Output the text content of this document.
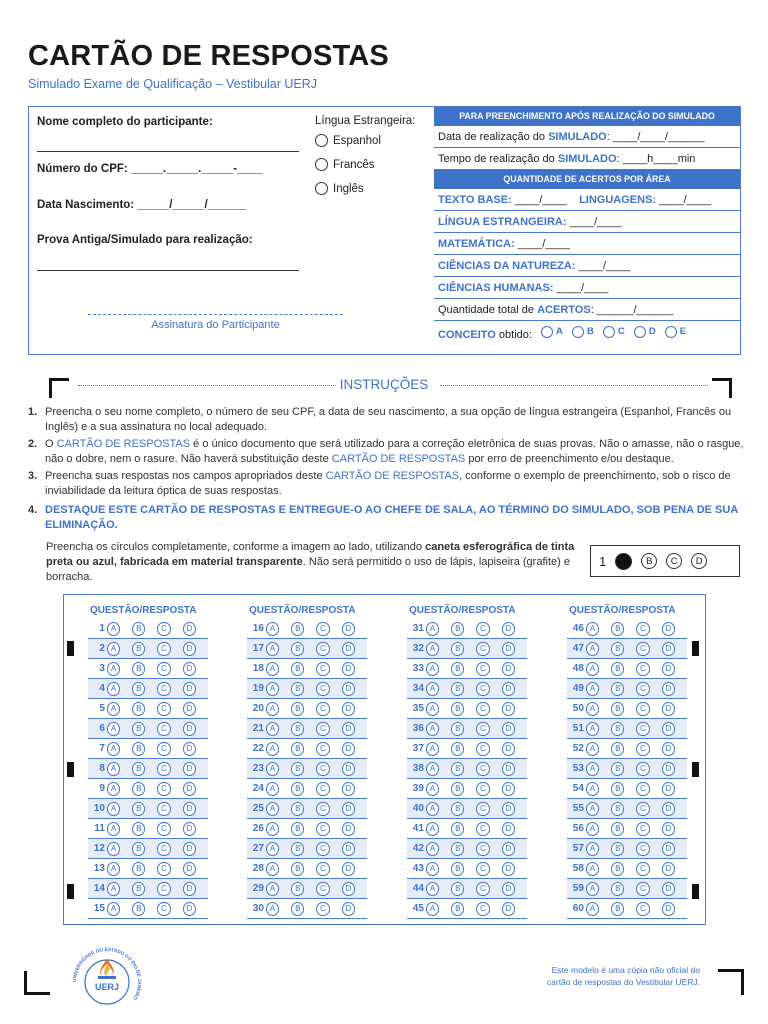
CARTÃO DE RESPOSTAS
Simulado Exame de Qualificação – Vestibular UERJ
Nome completo do participante:
Número do CPF: _____._____._____-____
Data Nascimento: _____/_____/______
Prova Antiga/Simulado para realização:
Assinatura do Participante
Língua Estrangeira:
Espanhol
Francês
Inglês
PARA PREENCHIMENTO APÓS REALIZAÇÃO DO SIMULADO
Data de realização do SIMULADO: ____/____/______
Tempo de realização do SIMULADO: ____h____min
QUANTIDADE DE ACERTOS POR ÁREA
TEXTO BASE: ____/____ LINGUAGENS: ____/____
LÍNGUA ESTRANGEIRA: ____/____
MATEMÁTICA: ____/____
CIÊNCIAS DA NATUREZA: ____/____
CIÊNCIAS HUMANAS: ____/____
Quantidade total de ACERTOS: ______/______
CONCEITO obtido:	A
	B
	C
	D
	E
INSTRUÇÕES
1. Preencha o seu nome completo, o número de seu CPF, a data de seu nascimento, a sua opção de língua estrangeira (Espanhol, Francês ou Inglês) e a sua assinatura no local adequado.
2. O CARTÃO DE RESPOSTAS é o único documento que será utilizado para a correção eletrônica de suas provas. Não o amasse, não o rasgue, não o dobre, nem o rasure. Não haverá substituição deste CARTÃO DE RESPOSTAS por erro de preenchimento e/ou destaque.
3. Preencha suas respostas nos campos apropriados deste CARTÃO DE RESPOSTAS, conforme o exemplo de preenchimento, sob o risco de inviabilidade da leitura óptica de suas respostas.
4. DESTAQUE ESTE CARTÃO DE RESPOSTAS E ENTREGUE-O AO CHEFE DE SALA, AO TÉRMINO DO SIMULADO, SOB PENA DE SUA ELIMINAÇÃO.
Preencha os círculos completamente, conforme a imagem ao lado, utilizando caneta esferográfica de tinta preta ou azul, fabricada em material transparente. Não será permitido o uso de lápis, lapiseira (grafite) e borracha.
1	B	C	D
QUESTÃO/RESPOSTA
1 A	B	C	D
2 A	B	C	D
3 A	B	C	D
4 A	B	C	D
5 A	B	C	D
6 A	B	C	D
7 A	B	C	D
8 A	B	C	D
9 A	B	C	D
10 A	B	C	D
11 A	B	C	D
12 A	B	C	D
13 A	B	C	D
14 A	B	C	D
15 A	B	C	D
QUESTÃO/RESPOSTA
16 A	B	C	D
17 A	B	C	D
18 A	B	C	D
19 A	B	C	D
20 A	B	C	D
21 A	B	C	D
22 A	B	C	D
23 A	B	C	D
24 A	B	C	D
25 A	B	C	D
26 A	B	C	D
27 A	B	C	D
28 A	B	C	D
29 A	B	C	D
30 A	B	C	D
QUESTÃO/RESPOSTA
31 A	B	C	D
32 A	B	C	D
33 A	B	C	D
34 A	B	C	D
35 A	B	C	D
36 A	B	C	D
37 A	B	C	D
38 A	B	C	D
39 A	B	C	D
40 A	B	C	D
41 A	B	C	D
42 A	B	C	D
43 A	B	C	D
44 A	B	C	D
45 A	B	C	D
QUESTÃO/RESPOSTA
46 A	B	C	D
47 A	B	C	D
48 A	B	C	D
49 A	B	C	D
50 A	B	C	D
51 A	B	C	D
52 A	B	C	D
53 A	B	C	D
54 A	B	C	D
55 A	B	C	D
56 A	B	C	D
57 A	B	C	D
58 A	B	C	D
59 A	B	C	D
60 A	B	C	D
UERJ
UNIVERSIDADE DO ESTADO DO RIO DE JANEIRO
Este modelo é uma cópia não oficial do
cartão de respostas do Vestibular UERJ.
